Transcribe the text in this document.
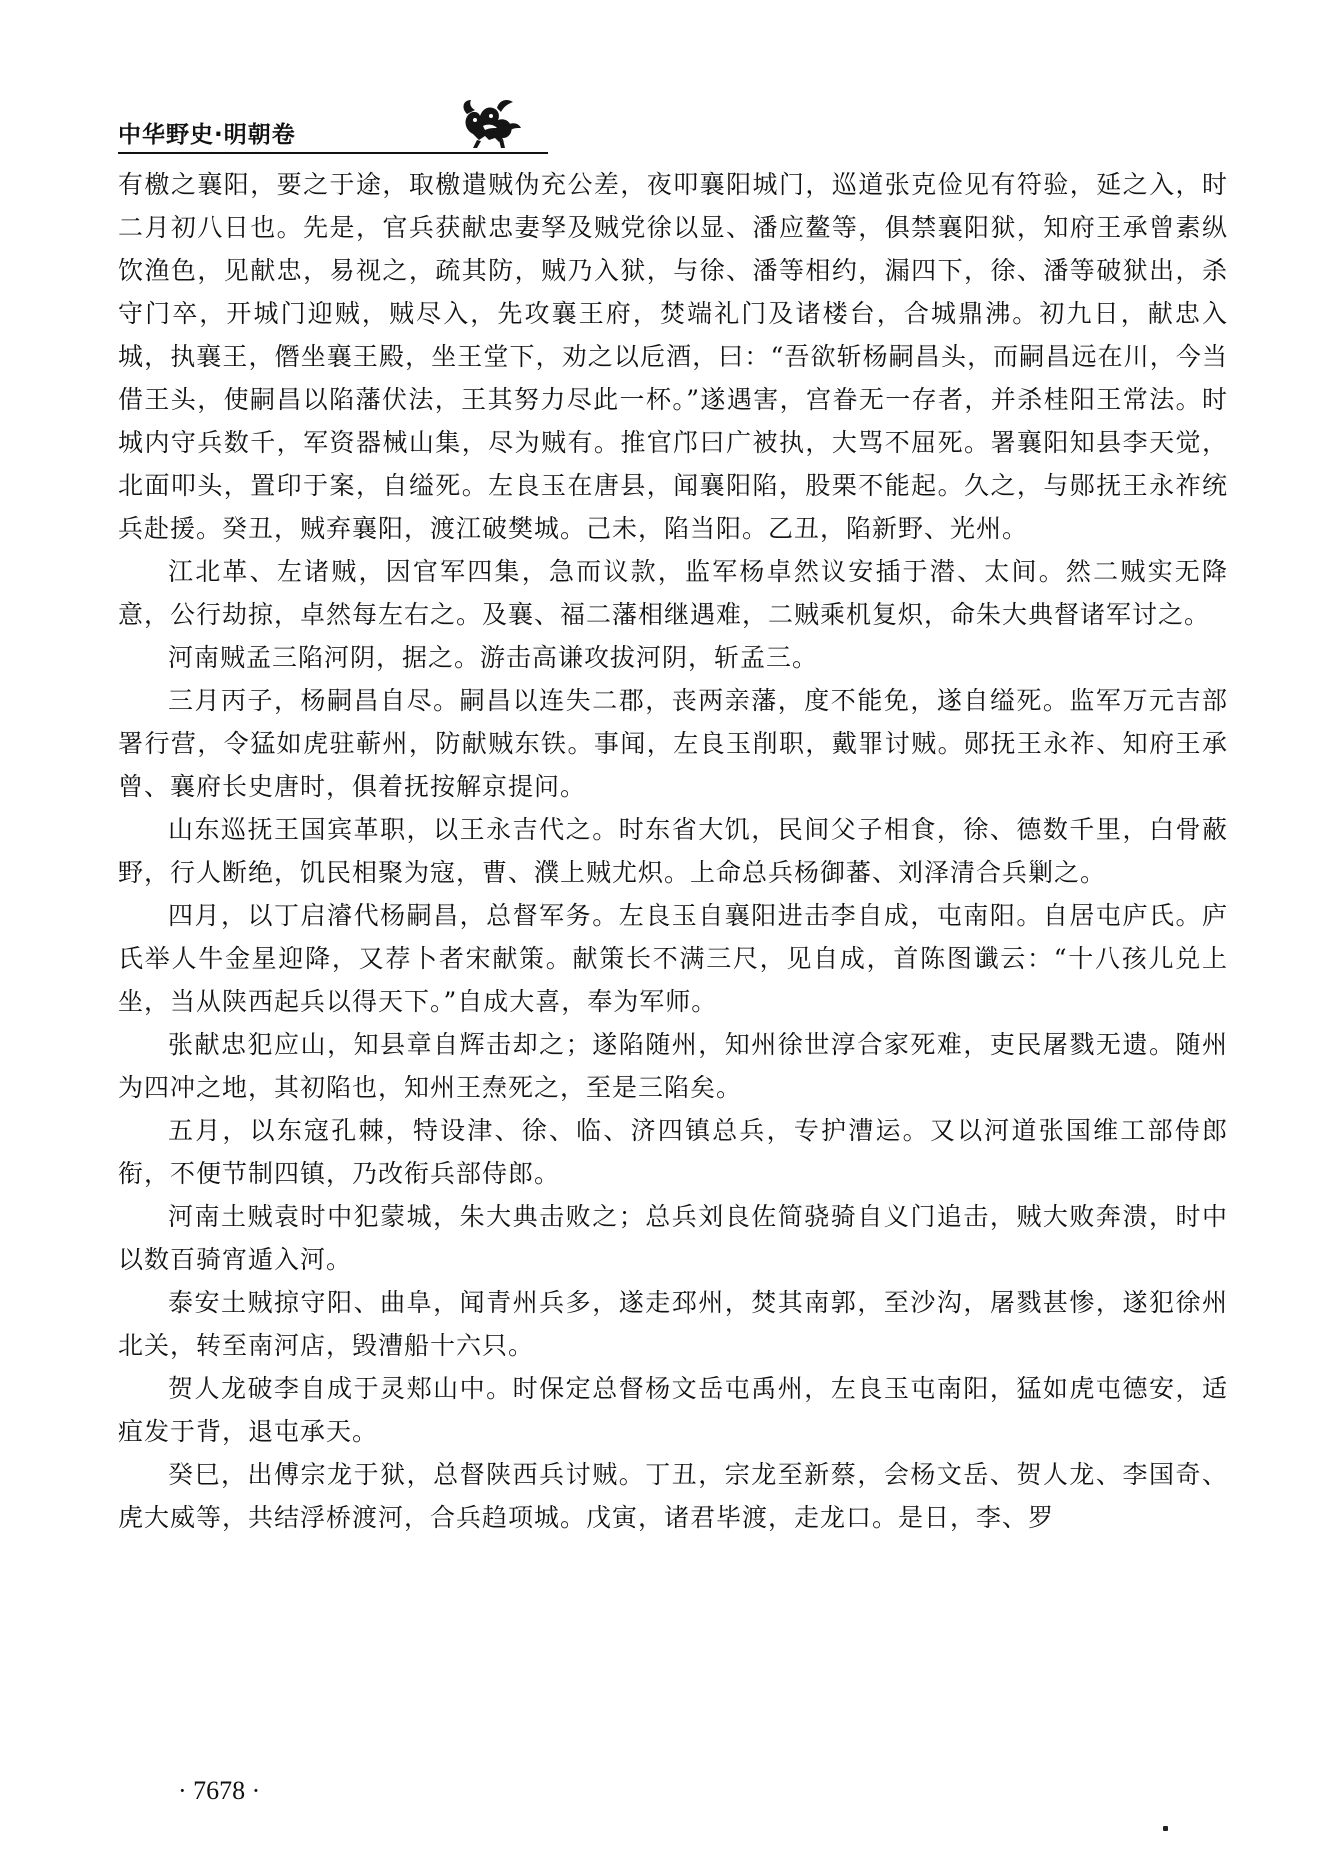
中华野史·明朝卷

有檄之襄阳，要之于途，取檄遣贼伪充公差，夜叩襄阳城门，巡道张克俭见有符验，延之入，时二月初八日也。先是，官兵获献忠妻孥及贼党徐以显、潘应鳌等，俱禁襄阳狱，知府王承曾素纵饮渔色，见献忠，易视之，疏其防，贼乃入狱，与徐、潘等相约，漏四下，徐、潘等破狱出，杀守门卒，开城门迎贼，贼尽入，先攻襄王府，焚端礼门及诸楼台，合城鼎沸。初九日，献忠入城，执襄王，僭坐襄王殿，坐王堂下，劝之以卮酒，曰：“吾欲斩杨嗣昌头，而嗣昌远在川，今当借王头，使嗣昌以陷藩伏法，王其努力尽此一杯。”遂遇害，宫眷无一存者，并杀桂阳王常法。时城内守兵数千，军资器械山集，尽为贼有。推官邝曰广被执，大骂不屈死。署襄阳知县李天觉，北面叩头，置印于案，自缢死。左良玉在唐县，闻襄阳陷，股栗不能起。久之，与郧抚王永祚统兵赴援。癸丑，贼弃襄阳，渡江破樊城。己未，陷当阳。乙丑，陷新野、光州。

江北革、左诸贼，因官军四集，急而议款，监军杨卓然议安插于潜、太间。然二贼实无降意，公行劫掠，卓然每左右之。及襄、福二藩相继遇难，二贼乘机复炽，命朱大典督诸军讨之。

河南贼孟三陷河阴，据之。游击高谦攻拔河阴，斩孟三。

三月丙子，杨嗣昌自尽。嗣昌以连失二郡，丧两亲藩，度不能免，遂自缢死。监军万元吉部署行营，令猛如虎驻蕲州，防献贼东铁。事闻，左良玉削职，戴罪讨贼。郧抚王永祚、知府王承曾、襄府长史唐时，俱着抚按解京提问。

山东巡抚王国宾革职，以王永吉代之。时东省大饥，民间父子相食，徐、德数千里，白骨蔽野，行人断绝，饥民相聚为寇，曹、濮上贼尤炽。上命总兵杨御蕃、刘泽清合兵剿之。

四月，以丁启濬代杨嗣昌，总督军务。左良玉自襄阳进击李自成，屯南阳。自居屯庐氏。庐氏举人牛金星迎降，又荐卜者宋献策。献策长不满三尺，见自成，首陈图谶云：“十八孩儿兑上坐，当从陕西起兵以得天下。”自成大喜，奉为军师。

张献忠犯应山，知县章自辉击却之；遂陷随州，知州徐世淳合家死难，吏民屠戮无遗。随州为四冲之地，其初陷也，知州王焘死之，至是三陷矣。

五月，以东寇孔棘，特设津、徐、临、济四镇总兵，专护漕运。又以河道张国维工部侍郎衔，不便节制四镇，乃改衔兵部侍郎。

河南土贼袁时中犯蒙城，朱大典击败之；总兵刘良佐简骁骑自义门追击，贼大败奔溃，时中以数百骑宵遁入河。

泰安土贼掠守阳、曲阜，闻青州兵多，遂走邳州，焚其南郭，至沙沟，屠戮甚惨，遂犯徐州北关，转至南河店，毁漕船十六只。

贺人龙破李自成于灵郏山中。时保定总督杨文岳屯禹州，左良玉屯南阳，猛如虎屯德安，适疽发于背，退屯承天。

癸巳，出傅宗龙于狱，总督陕西兵讨贼。丁丑，宗龙至新蔡，会杨文岳、贺人龙、李国奇、虎大威等，共结浮桥渡河，合兵趋项城。戊寅，诸君毕渡，走龙口。是日，李、罗

· 7678 ·
